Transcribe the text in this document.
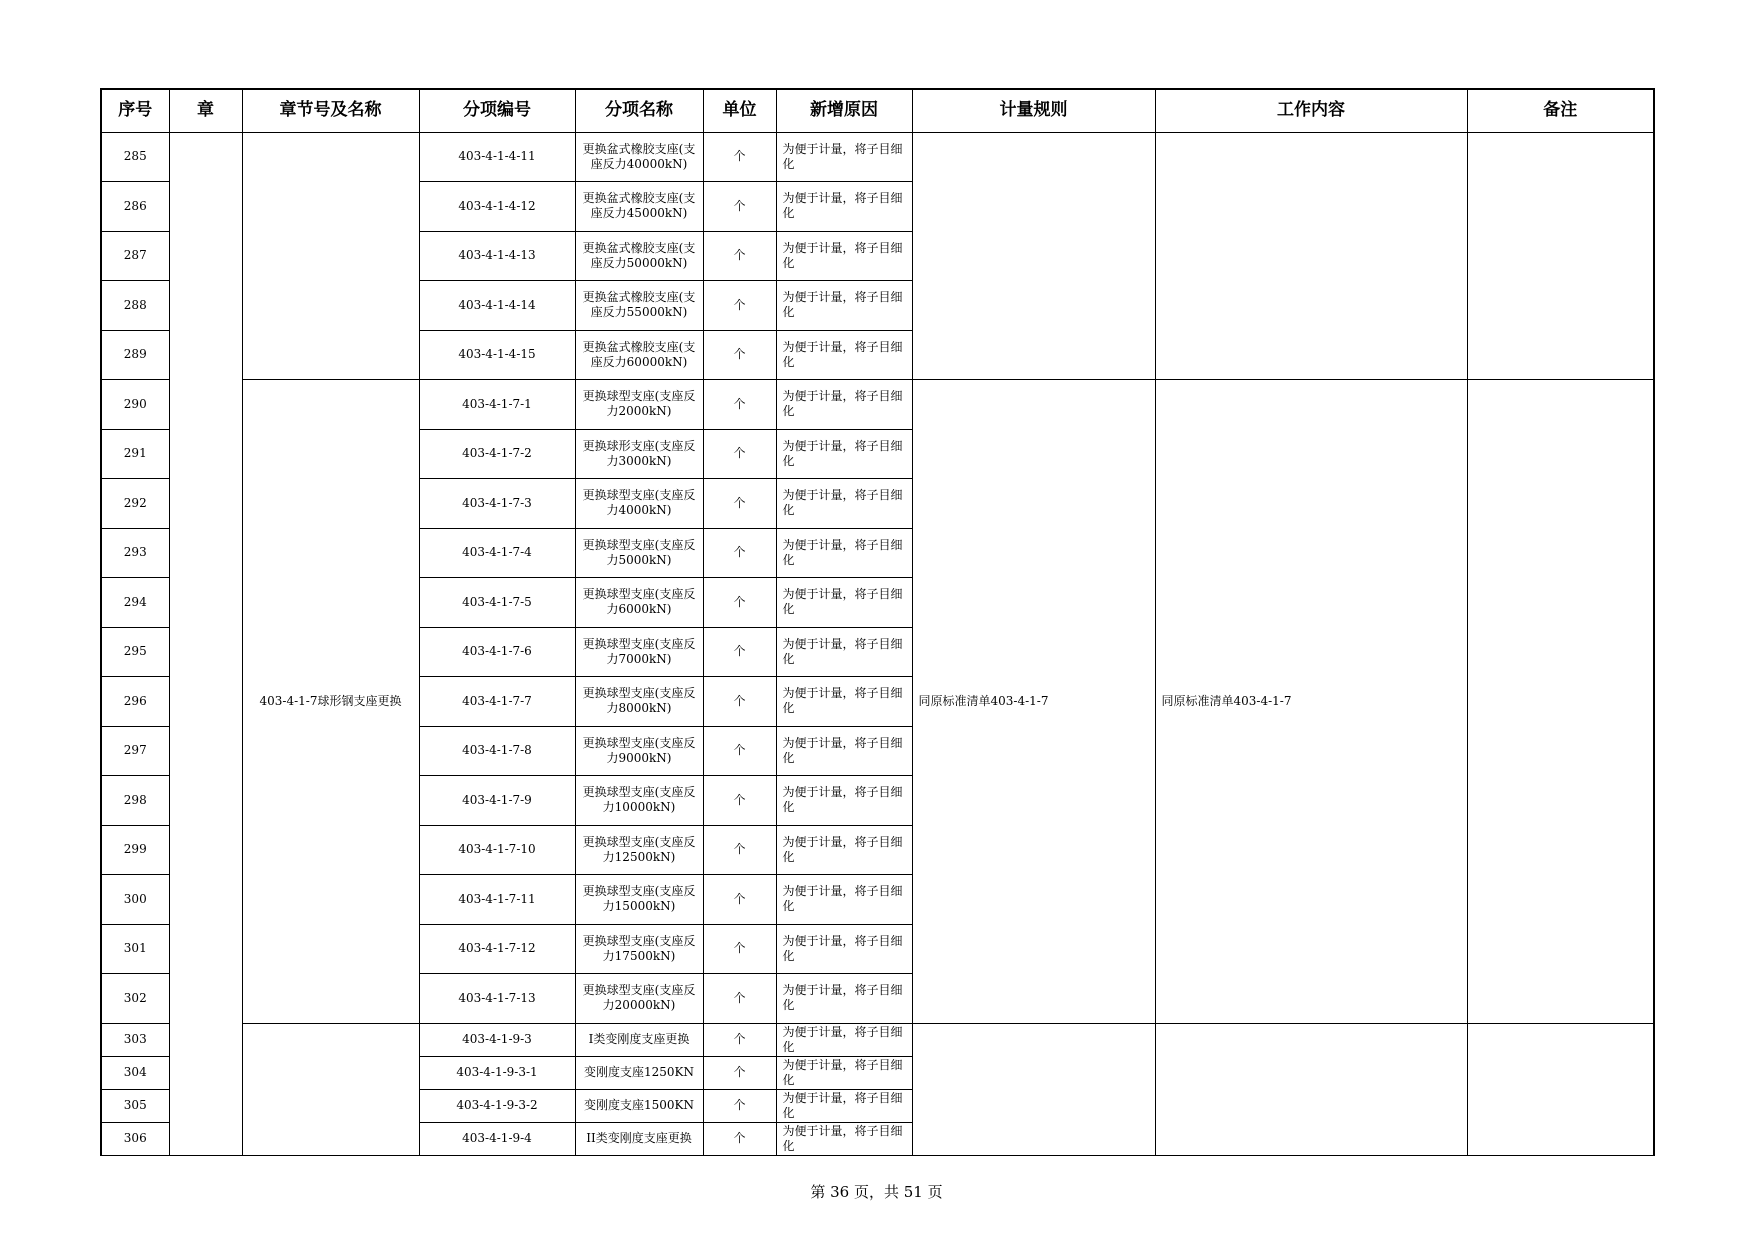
序号	章	章节号及名称	分项编号	分项名称	单位	新增原因	计量规则	工作内容	备注
285			403-4-1-4-11	更换盆式橡胶支座(支座反力40000kN)	个	为便于计量，将子目细化			
286			403-4-1-4-12	更换盆式橡胶支座(支座反力45000kN)	个	为便于计量，将子目细化			
287			403-4-1-4-13	更换盆式橡胶支座(支座反力50000kN)	个	为便于计量，将子目细化			
288			403-4-1-4-14	更换盆式橡胶支座(支座反力55000kN)	个	为便于计量，将子目细化			
289			403-4-1-4-15	更换盆式橡胶支座(支座反力60000kN)	个	为便于计量，将子目细化			
290		403-4-1-7球形钢支座更换	403-4-1-7-1	更换球型支座(支座反力2000kN)	个	为便于计量，将子目细化	同原标准清单403-4-1-7	同原标准清单403-4-1-7	
291			403-4-1-7-2	更换球形支座(支座反力3000kN)	个	为便于计量，将子目细化			
292			403-4-1-7-3	更换球型支座(支座反力4000kN)	个	为便于计量，将子目细化			
293			403-4-1-7-4	更换球型支座(支座反力5000kN)	个	为便于计量，将子目细化			
294			403-4-1-7-5	更换球型支座(支座反力6000kN)	个	为便于计量，将子目细化			
295			403-4-1-7-6	更换球型支座(支座反力7000kN)	个	为便于计量，将子目细化			
296			403-4-1-7-7	更换球型支座(支座反力8000kN)	个	为便于计量，将子目细化			
297			403-4-1-7-8	更换球型支座(支座反力9000kN)	个	为便于计量，将子目细化			
298			403-4-1-7-9	更换球型支座(支座反力10000kN)	个	为便于计量，将子目细化			
299			403-4-1-7-10	更换球型支座(支座反力12500kN)	个	为便于计量，将子目细化			
300			403-4-1-7-11	更换球型支座(支座反力15000kN)	个	为便于计量，将子目细化			
301			403-4-1-7-12	更换球型支座(支座反力17500kN)	个	为便于计量，将子目细化			
302			403-4-1-7-13	更换球型支座(支座反力20000kN)	个	为便于计量，将子目细化			
303			403-4-1-9-3	I类变刚度支座更换	个	为便于计量，将子目细化			
304			403-4-1-9-3-1	变刚度支座1250KN	个	为便于计量，将子目细化			
305			403-4-1-9-3-2	变刚度支座1500KN	个	为便于计量，将子目细化			
306			403-4-1-9-4	II类变刚度支座更换	个	为便于计量，将子目细化			
第 36 页，共 51 页
